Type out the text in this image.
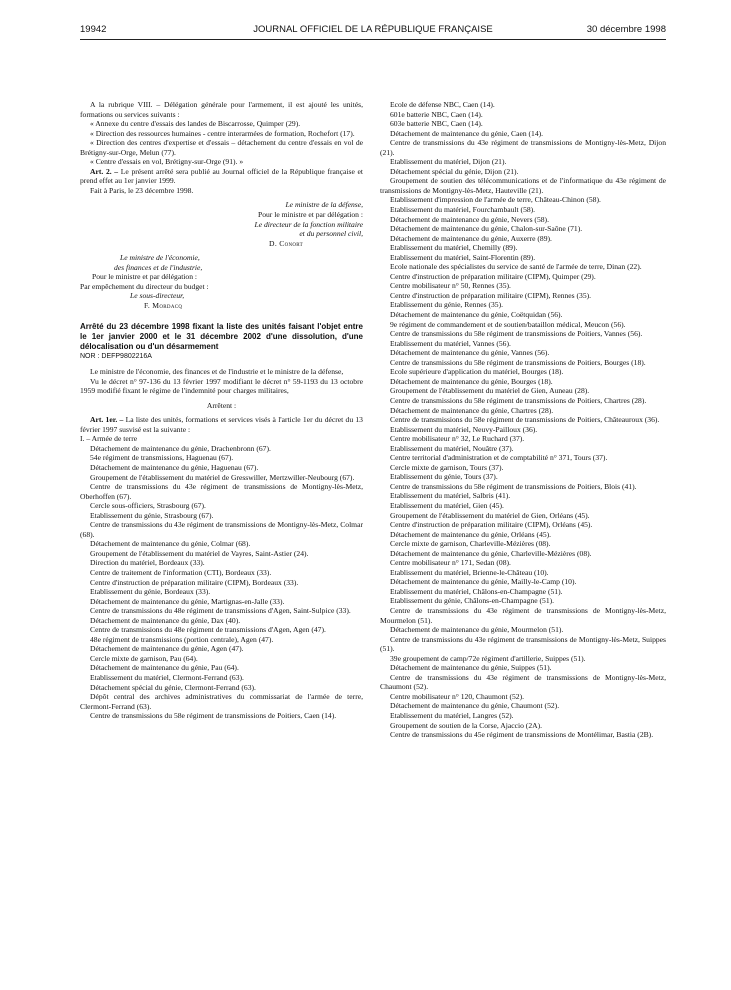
19942	JOURNAL OFFICIEL DE LA RÉPUBLIQUE FRANÇAISE	30 décembre 1998

A la rubrique VIII. – Délégation générale pour l'armement, il est ajouté les unités, formations ou services suivants :

« Annexe du centre d'essais des landes de Biscarrosse, Quimper (29).

« Direction des ressources humaines - centre interarmées de formation, Rochefort (17).

« Direction des centres d'expertise et d'essais – détachement du centre d'essais en vol de Brétigny-sur-Orge, Melun (77).

« Centre d'essais en vol, Brétigny-sur-Orge (91). »

Art. 2. – Le présent arrêté sera publié au Journal officiel de la République française et prend effet au 1er janvier 1999.

Fait à Paris, le 23 décembre 1998.

Le ministre de la défense,

Pour le ministre et par délégation :

Le directeur de la fonction militaire

et du personnel civil,

D. Conort

Le ministre de l'économie,

des finances et de l'industrie,

Pour le ministre et par délégation :

Par empêchement du directeur du budget :

Le sous-directeur,

F. Mordacq

Arrêté du 23 décembre 1998 fixant la liste des unités faisant l'objet entre le 1er janvier 2000 et le 31 décembre 2002 d'une dissolution, d'une délocalisation ou d'un désarmement

NOR : DEFP9802216A

Le ministre de l'économie, des finances et de l'industrie et le ministre de la défense,

Vu le décret n° 97-136 du 13 février 1997 modifiant le décret n° 59-1193 du 13 octobre 1959 modifié fixant le régime de l'indemnité pour charges militaires,

Arrêtent :

Art. 1er. – La liste des unités, formations et services visés à l'article 1er du décret du 13 février 1997 susvisé est la suivante :

I. – Armée de terre

Détachement de maintenance du génie, Drachenbronn (67).

54e régiment de transmissions, Haguenau (67).

Détachement de maintenance du génie, Haguenau (67).

Groupement de l'établissement du matériel de Gresswiller, Mertzwiller-Neubourg (67).

Centre de transmissions du 43e régiment de transmissions de Montigny-lès-Metz, Oberhoffen (67).

Cercle sous-officiers, Strasbourg (67).

Etablissement du génie, Strasbourg (67).

Centre de transmissions du 43e régiment de transmissions de Montigny-lès-Metz, Colmar (68).

Détachement de maintenance du génie, Colmar (68).

Groupement de l'établissement du matériel de Vayres, Saint-Astier (24).

Direction du matériel, Bordeaux (33).

Centre de traitement de l'information (CTI), Bordeaux (33).

Centre d'instruction de préparation militaire (CIPM), Bordeaux (33).

Etablissement du génie, Bordeaux (33).

Détachement de maintenance du génie, Martignas-en-Jalle (33).

Centre de transmissions du 48e régiment de transmissions d'Agen, Saint-Sulpice (33).

Détachement de maintenance du génie, Dax (40).

Centre de transmissions du 48e régiment de transmissions d'Agen, Agen (47).

48e régiment de transmissions (portion centrale), Agen (47).

Détachement de maintenance du génie, Agen (47).

Cercle mixte de garnison, Pau (64).

Détachement de maintenance du génie, Pau (64).

Etablissement du matériel, Clermont-Ferrand (63).

Détachement spécial du génie, Clermont-Ferrand (63).

Dépôt central des archives administratives du commissariat de l'armée de terre, Clermont-Ferrand (63).

Centre de transmissions du 58e régiment de transmissions de Poitiers, Caen (14).

Ecole de défense NBC, Caen (14).

601e batterie NBC, Caen (14).

603e batterie NBC, Caen (14).

Détachement de maintenance du génie, Caen (14).

Centre de transmissions du 43e régiment de transmissions de Montigny-lès-Metz, Dijon (21).

Etablissement du matériel, Dijon (21).

Détachement spécial du génie, Dijon (21).

Groupement de soutien des télécommunications et de l'informatique du 43e régiment de transmissions de Montigny-lès-Metz, Hauteville (21).

Etablissement d'impression de l'armée de terre, Château-Chinon (58).

Etablissement du matériel, Fourchambault (58).

Détachement de maintenance du génie, Nevers (58).

Détachement de maintenance du génie, Chalon-sur-Saône (71).

Détachement de maintenance du génie, Auxerre (89).

Etablissement du matériel, Chemilly (89).

Etablissement du matériel, Saint-Florentin (89).

Ecole nationale des spécialistes du service de santé de l'armée de terre, Dinan (22).

Centre d'instruction de préparation militaire (CIPM), Quimper (29).

Centre mobilisateur n° 50, Rennes (35).

Centre d'instruction de préparation militaire (CIPM), Rennes (35).

Etablissement du génie, Rennes (35).

Détachement de maintenance du génie, Coëtquidan (56).

9e régiment de commandement et de soutien/bataillon médical, Meucon (56).

Centre de transmissions du 58e régiment de transmissions de Poitiers, Vannes (56).

Etablissement du matériel, Vannes (56).

Détachement de maintenance du génie, Vannes (56).

Centre de transmissions du 58e régiment de transmissions de Poitiers, Bourges (18).

Ecole supérieure d'application du matériel, Bourges (18).

Détachement de maintenance du génie, Bourges (18).

Groupement de l'établissement du matériel de Gien, Auneau (28).

Centre de transmissions du 58e régiment de transmissions de Poitiers, Chartres (28).

Détachement de maintenance du génie, Chartres (28).

Centre de transmissions du 58e régiment de transmissions de Poitiers, Châteauroux (36).

Etablissement du matériel, Neuvy-Pailloux (36).

Centre mobilisateur n° 32, Le Ruchard (37).

Etablissement du matériel, Nouâtre (37).

Centre territorial d'administration et de comptabilité n° 371, Tours (37).

Cercle mixte de garnison, Tours (37).

Etablissement du génie, Tours (37).

Centre de transmissions du 58e régiment de transmissions de Poitiers, Blois (41).

Etablissement du matériel, Salbris (41).

Etablissement du matériel, Gien (45).

Groupement de l'établissement du matériel de Gien, Orléans (45).

Centre d'instruction de préparation militaire (CIPM), Orléans (45).

Détachement de maintenance du génie, Orléans (45).

Cercle mixte de garnison, Charleville-Mézières (08).

Détachement de maintenance du génie, Charleville-Mézières (08).

Centre mobilisateur n° 171, Sedan (08).

Etablissement du matériel, Brienne-le-Château (10).

Détachement de maintenance du génie, Mailly-le-Camp (10).

Etablissement du matériel, Châlons-en-Champagne (51).

Etablissement du génie, Châlons-en-Champagne (51).

Centre de transmissions du 43e régiment de transmissions de Montigny-lès-Metz, Mourmelon (51).

Détachement de maintenance du génie, Mourmelon (51).

Centre de transmissions du 43e régiment de transmissions de Montigny-lès-Metz, Suippes (51).

39e groupement de camp/72e régiment d'artillerie, Suippes (51).

Détachement de maintenance du génie, Suippes (51).

Centre de transmissions du 43e régiment de transmissions de Montigny-lès-Metz, Chaumont (52).

Centre mobilisateur n° 120, Chaumont (52).

Détachement de maintenance du génie, Chaumont (52).

Etablissement du matériel, Langres (52).

Groupement de soutien de la Corse, Ajaccio (2A).

Centre de transmissions du 45e régiment de transmissions de Montélimar, Bastia (2B).
